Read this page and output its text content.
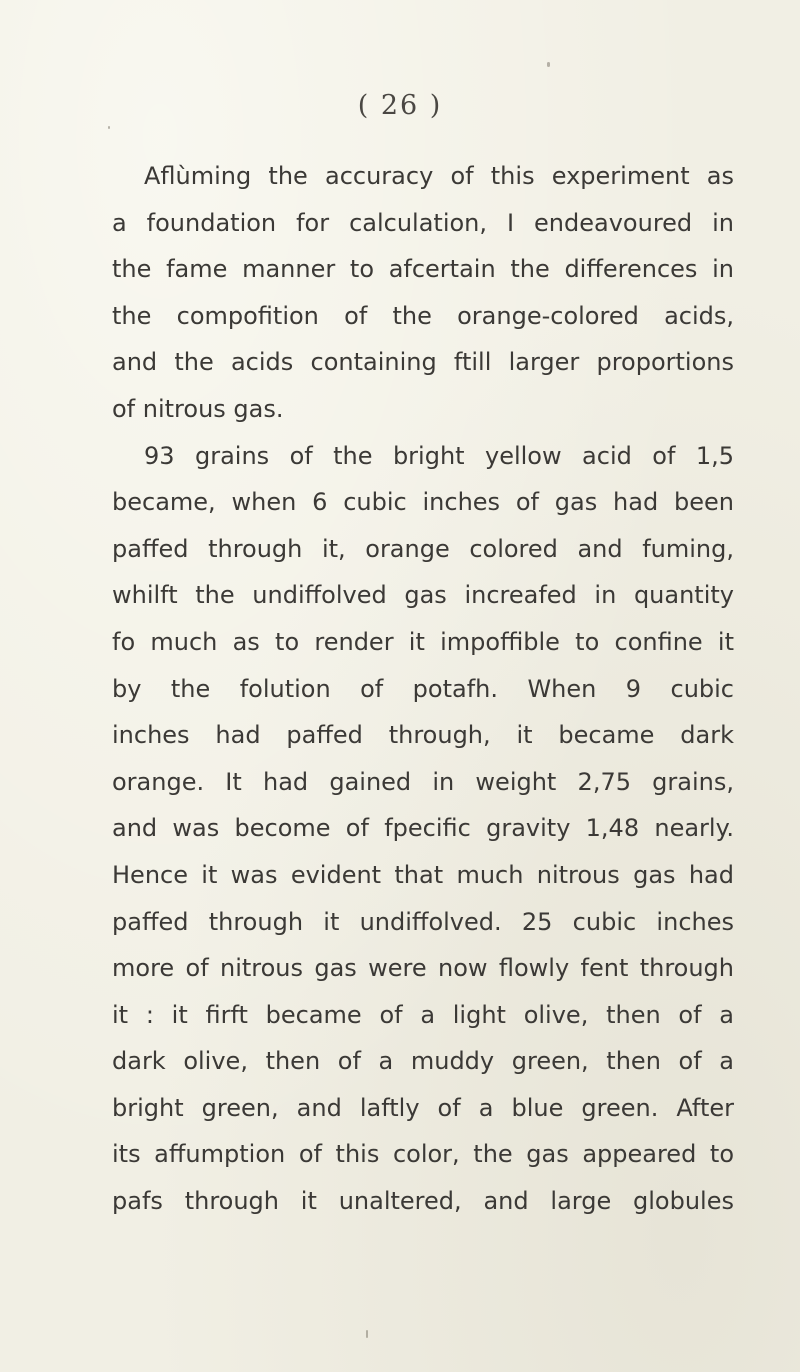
( 26 )
Aflùming the accuracy of this experiment as
a foundation for calculation, I endeavoured in
the fame manner to afcertain the differences in
the compofition of the orange-colored acids,
and the acids containing ftill larger proportions
of nitrous gas.
93 grains of the bright yellow acid of 1,5
became, when 6 cubic inches of gas had been
paffed through it, orange colored and fuming,
whilft the undiffolved gas increafed in quantity
fo much as to render it impoffible to confine it
by the folution of potafh. When 9 cubic
inches had paffed through, it became dark
orange. It had gained in weight 2,75 grains,
and was become of fpecific gravity 1,48 nearly.
Hence it was evident that much nitrous gas had
paffed through it undiffolved. 25 cubic inches
more of nitrous gas were now flowly fent through
it : it firft became of a light olive, then of a
dark olive, then of a muddy green, then of a
bright green, and laftly of a blue green. After
its affumption of this color, the gas appeared to
pafs through it unaltered, and large globules
